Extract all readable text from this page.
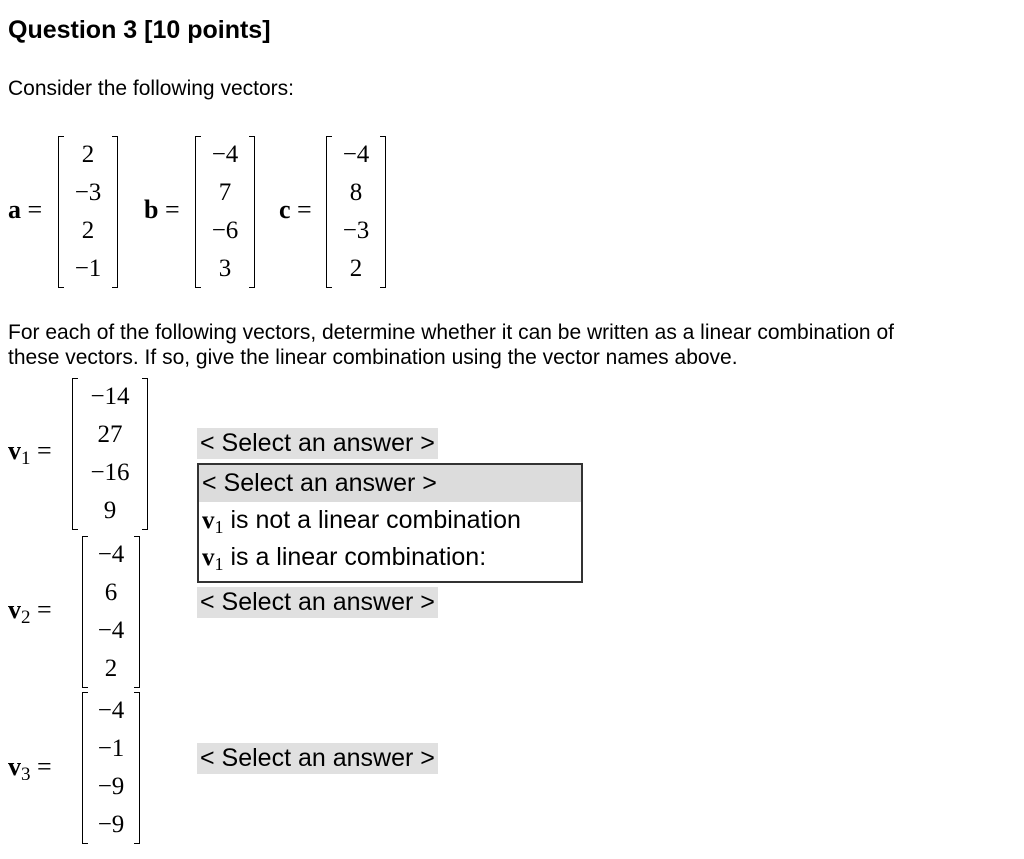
Question 3 [10 points]

Consider the following vectors:

a =
2
−3
2
−1
b =
−4
7
−6
3
c =
−4
8
−3
2

For each of the following vectors, determine whether it can be written as a linear combination of
these vectors. If so, give the linear combination using the vector names above.

$v_1$ =
−14
27
−16
9
< Select an answer >
< Select an answer >
$v_1$ is not a linear combination
$v_1$ is a linear combination:
$v_2$ =
−4
6
−4
2
< Select an answer >
$v_3$ =
−4
−1
−9
−9
< Select an answer >
